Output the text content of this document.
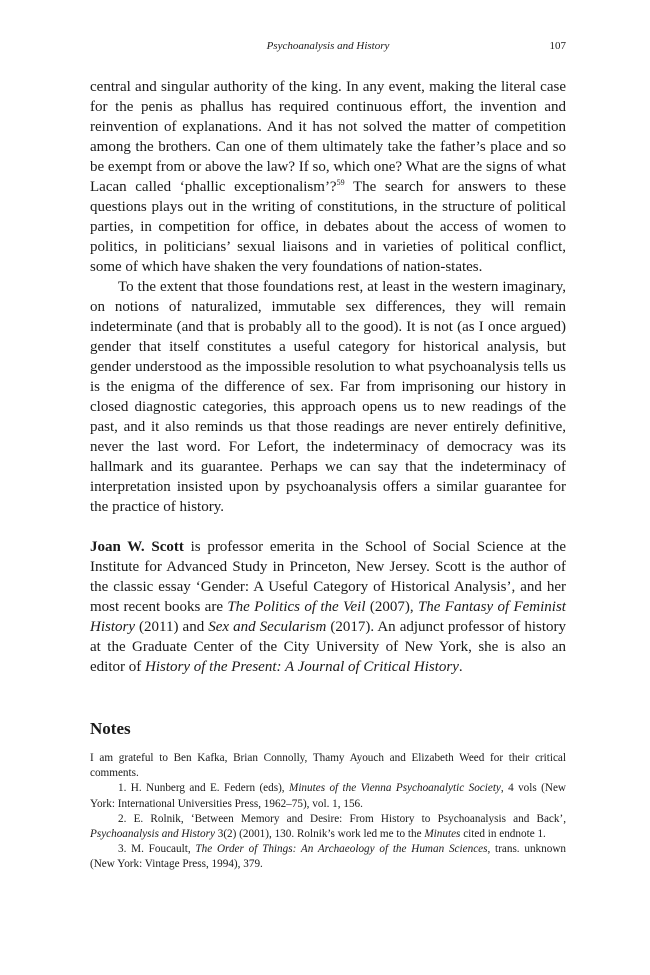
Psychoanalysis and History	107

central and singular authority of the king. In any event, making the literal case for the penis as phallus has required continuous effort, the invention and reinvention of explanations. And it has not solved the matter of competition among the brothers. Can one of them ultimately take the father’s place and so be exempt from or above the law? If so, which one? What are the signs of what Lacan called ‘phallic exceptionalism’?$^{59}$ The search for answers to these questions plays out in the writing of constitutions, in the structure of political parties, in competition for office, in debates about the access of women to politics, in politicians’ sexual liaisons and in varieties of political conflict, some of which have shaken the very foundations of nation-states.

To the extent that those foundations rest, at least in the western imaginary, on notions of naturalized, immutable sex differences, they will remain indeterminate (and that is probably all to the good). It is not (as I once argued) gender that itself constitutes a useful category for historical analysis, but gender understood as the impossible resolution to what psychoanalysis tells us is the enigma of the difference of sex. Far from imprisoning our history in closed diagnostic categories, this approach opens us to new readings of the past, and it also reminds us that those readings are never entirely definitive, never the last word. For Lefort, the indeterminacy of democracy was its hallmark and its guarantee. Perhaps we can say that the indeterminacy of interpretation insisted upon by psychoanalysis offers a similar guarantee for the practice of history.

Joan W. Scott is professor emerita in the School of Social Science at the Institute for Advanced Study in Princeton, New Jersey. Scott is the author of the classic essay ‘Gender: A Useful Category of Historical Analysis’, and her most recent books are The Politics of the Veil (2007), The Fantasy of Feminist History (2011) and Sex and Secularism (2017). An adjunct professor of history at the Graduate Center of the City University of New York, she is also an editor of History of the Present: A Journal of Critical History.
Notes

I am grateful to Ben Kafka, Brian Connolly, Thamy Ayouch and Elizabeth Weed for their critical comments.

1. H. Nunberg and E. Federn (eds), Minutes of the Vienna Psychoanalytic Society, 4 vols (New York: International Universities Press, 1962–75), vol. 1, 156.

2. E. Rolnik, ‘Between Memory and Desire: From History to Psychoanalysis and Back’, Psychoanalysis and History 3(2) (2001), 130. Rolnik’s work led me to the Minutes cited in endnote 1.

3. M. Foucault, The Order of Things: An Archaeology of the Human Sciences, trans. unknown (New York: Vintage Press, 1994), 379.
